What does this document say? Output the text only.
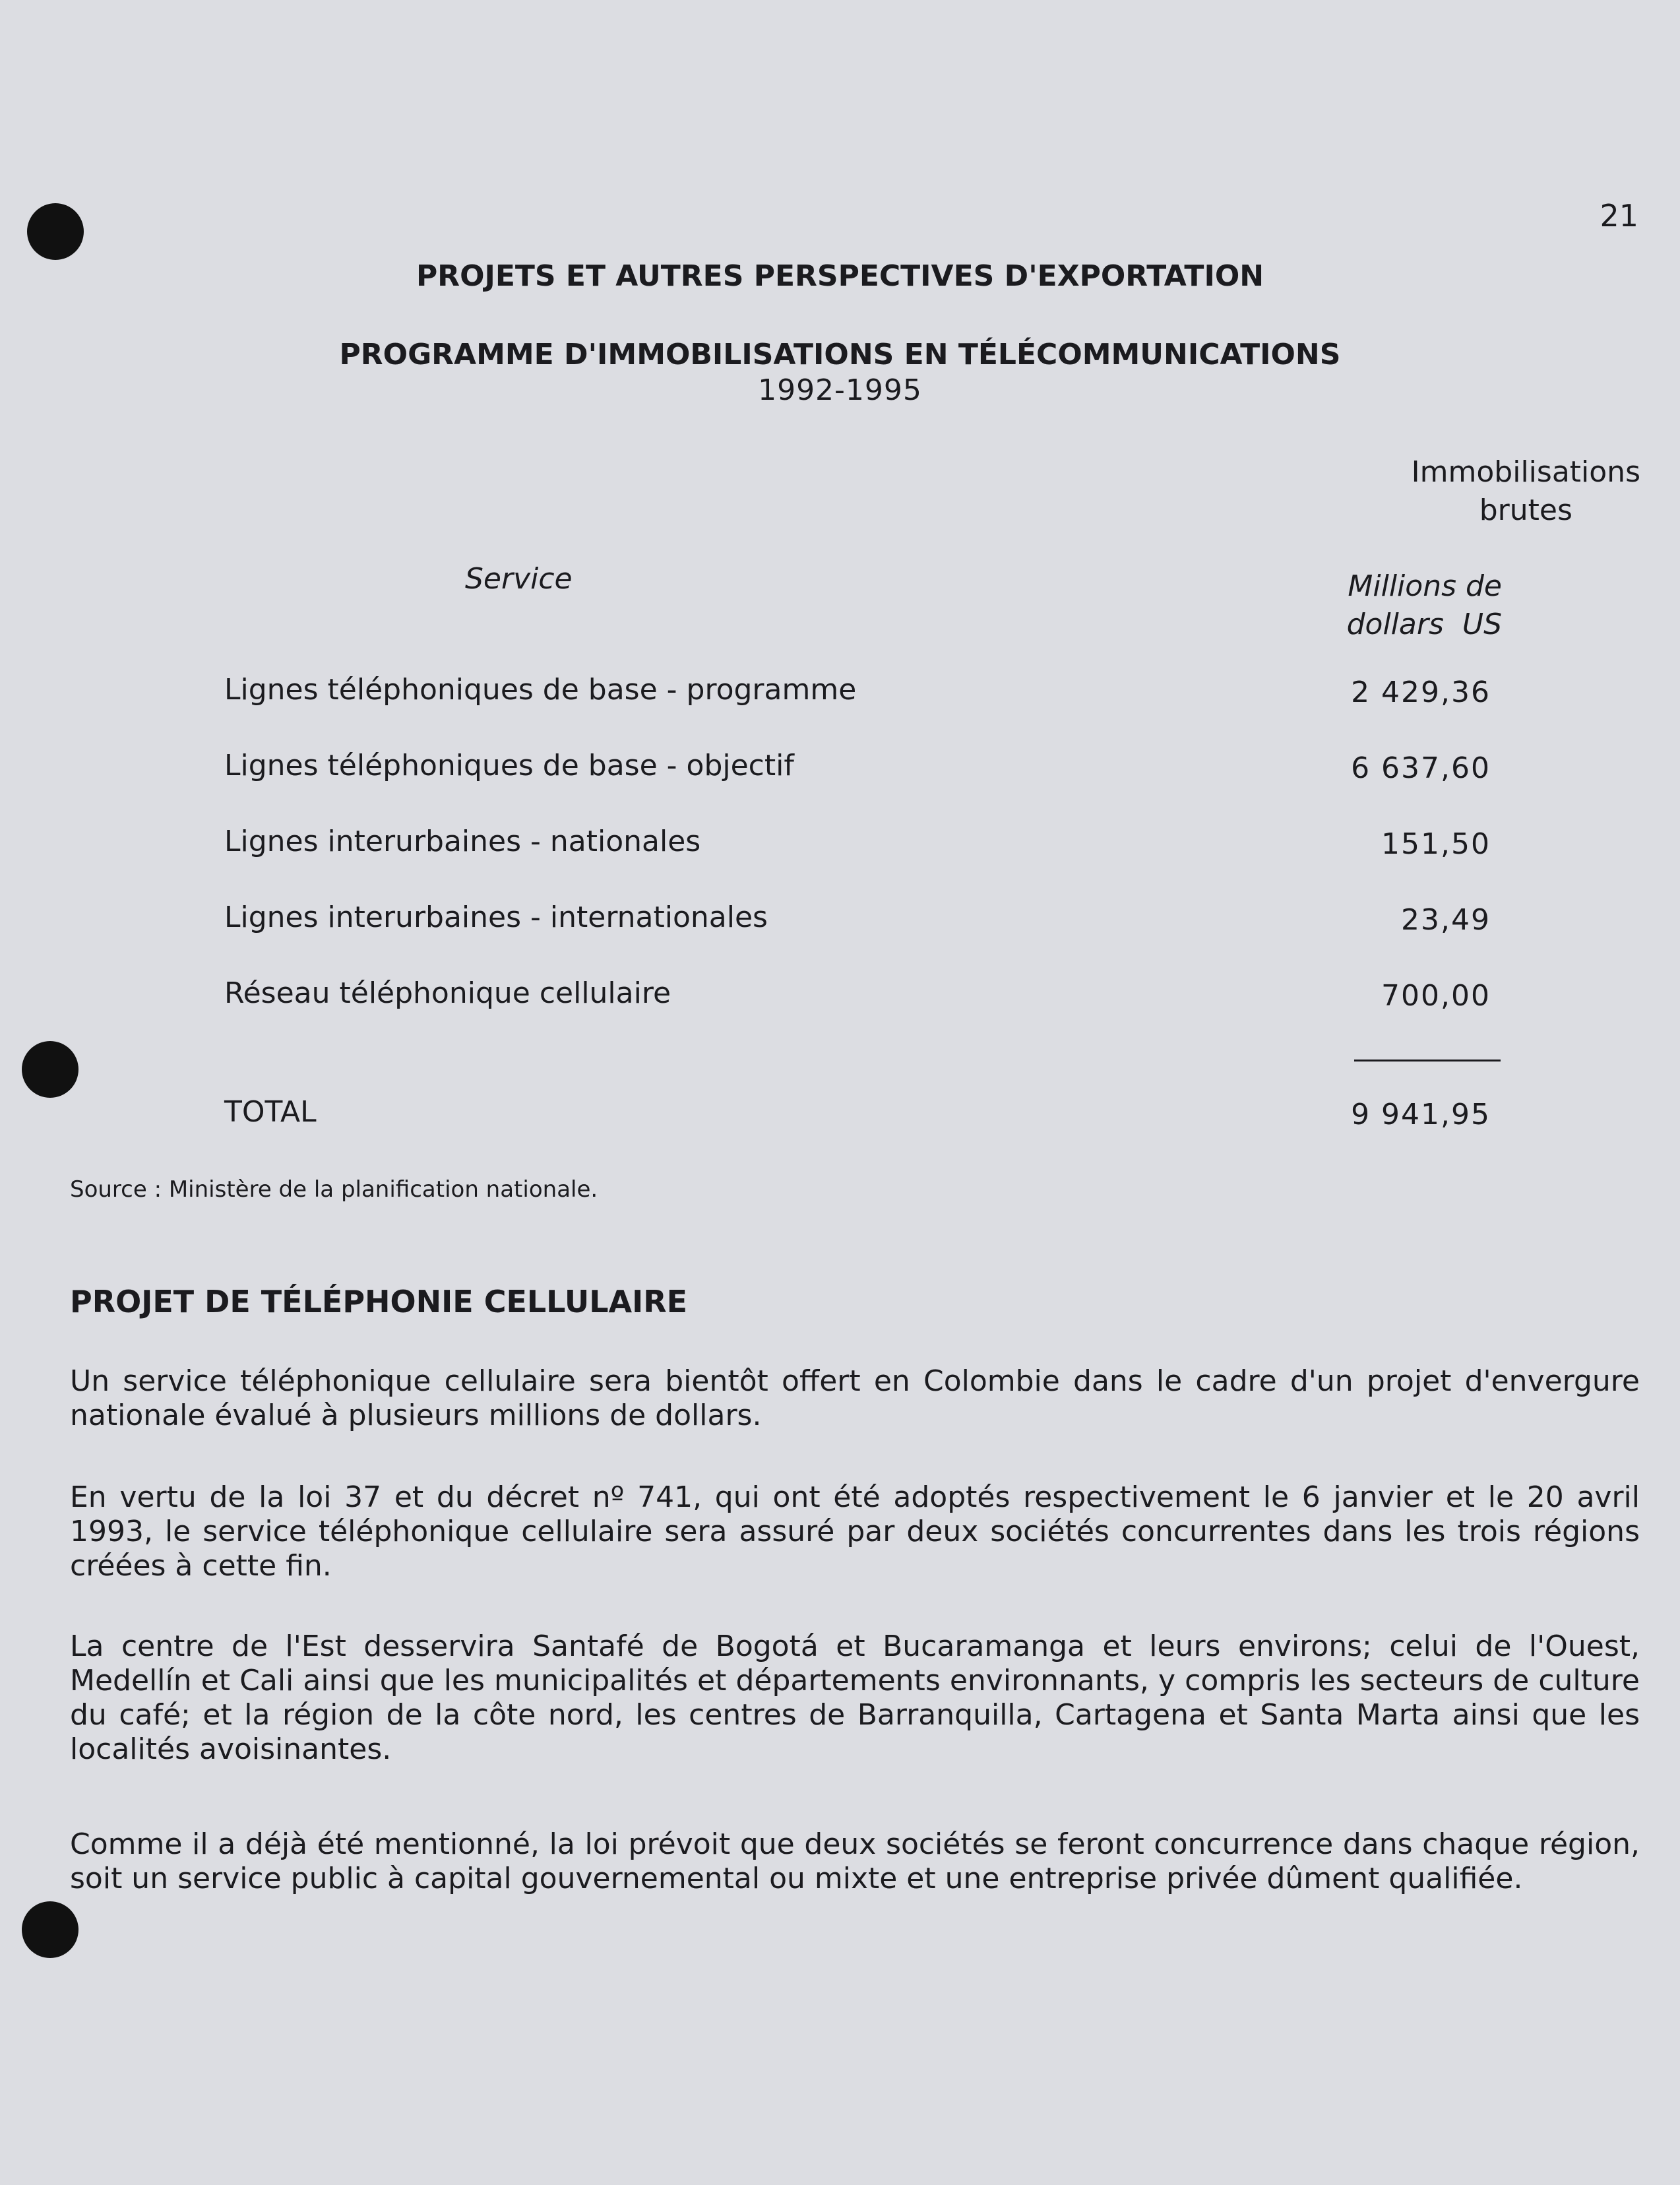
21
PROJETS ET AUTRES PERSPECTIVES D'EXPORTATION
PROGRAMME D'IMMOBILISATIONS EN TÉLÉCOMMUNICATIONS
1992-1995
Immobilisations
brutes
Service	Millions de
dollars  US
Lignes téléphoniques de base - programme	2 429,36
Lignes téléphoniques de base - objectif	6 637,60
Lignes interurbaines - nationales	151,50
Lignes interurbaines - internationales	23,49
Réseau téléphonique cellulaire	700,00
TOTAL	9 941,95
Source : Ministère de la planification nationale.
PROJET DE TÉLÉPHONIE CELLULAIRE

Un service téléphonique cellulaire sera bientôt offert en Colombie dans le cadre d'un projet d'envergure nationale évalué à plusieurs millions de dollars.

En vertu de la loi 37 et du décret nº 741, qui ont été adoptés respectivement le 6 janvier et le 20 avril 1993, le service téléphonique cellulaire sera assuré par deux sociétés concurrentes dans les trois régions créées à cette fin.

La centre de l'Est desservira Santafé de Bogotá et Bucaramanga et leurs environs; celui de l'Ouest, Medellín et Cali ainsi que les municipalités et départements environnants, y compris les secteurs de culture du café; et la région de la côte nord, les centres de Barranquilla, Cartagena et Santa Marta ainsi que les localités avoisinantes.

Comme il a déjà été mentionné, la loi prévoit que deux sociétés se feront concurrence dans chaque région, soit un service public à capital gouvernemental ou mixte et une entreprise privée dûment qualifiée.
